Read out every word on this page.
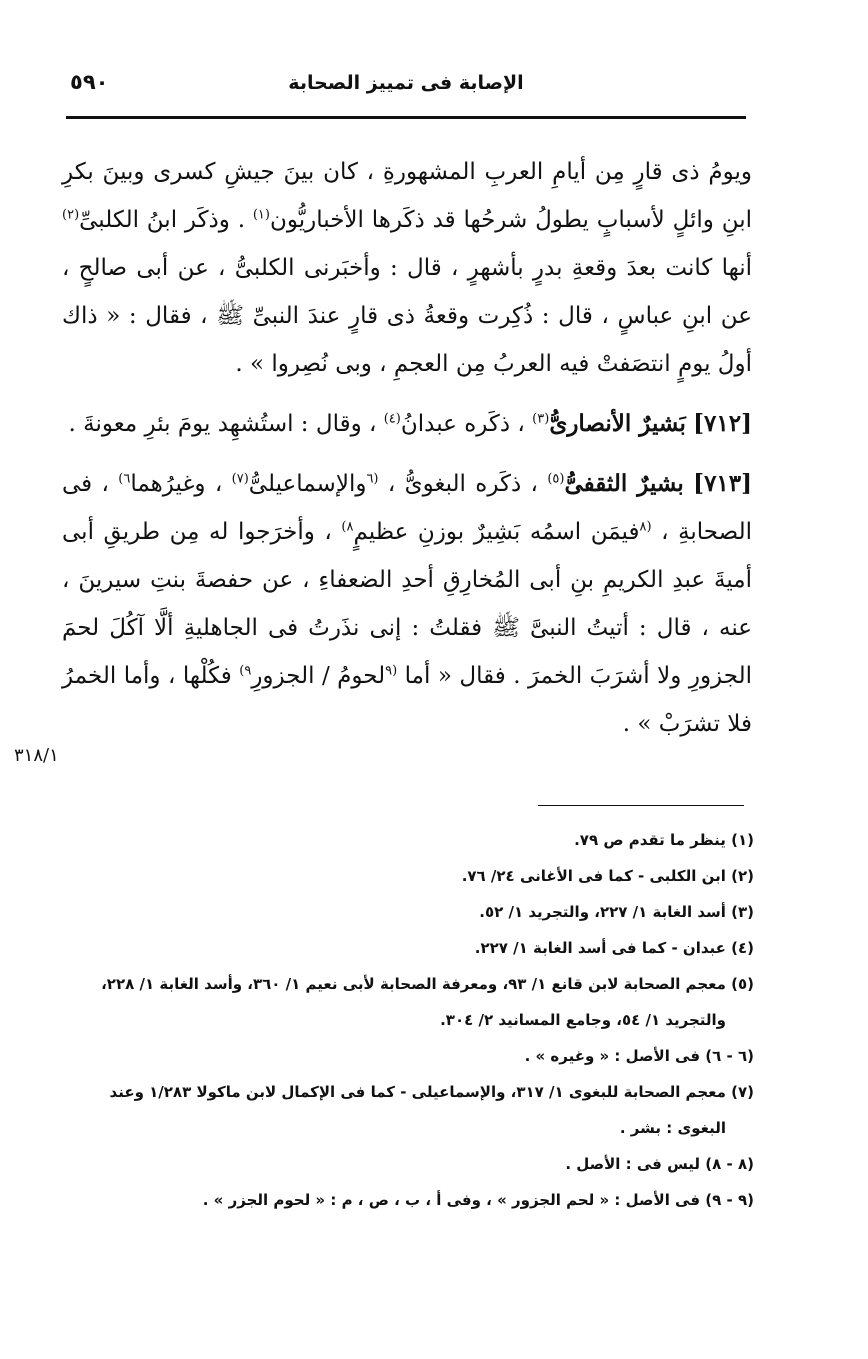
٥٩٠	الإصابة فى تمييز الصحابة

ويومُ ذى قارٍ مِن أيامِ العربِ المشهورةِ ، كان بينَ جيشِ كسرى وبينَ بكرِ ابنِ وائلٍ لأسبابٍ يطولُ شرحُها قد ذكَرها الأخباريُّون$^{(١)}$ . وذكَر ابنُ الكلبىِّ$^{(٢)}$ أنها كانت بعدَ وقعةِ بدرٍ بأشهرٍ ، قال : وأخبَرنى الكلبىُّ ، عن أبى صالحٍ ، عن ابنِ عباسٍ ، قال : ذُكِرت وقعةُ ذى قارٍ عندَ النبىِّ ﷺ ، فقال : « ذاك أولُ يومٍ انتصَفتْ فيه العربُ مِن العجمِ ، وبى نُصِروا » .

[٧١٢] بَشيرٌ الأنصارىُّ$^{(٣)}$ ، ذكَره عبدانُ$^{(٤)}$ ، وقال : استُشهِد يومَ بئرِ معونةَ .

[٧١٣] بشيرٌ الثقفىُّ$^{(٥)}$ ، ذكَره البغوىُّ ، $^{(٦}$والإسماعيلىُّ$^{(٧)}$ ، وغيرُهما$^{٦)}$ ، فى الصحابةِ ، $^{(٨}$فيمَن اسمُه بَشِيرٌ بوزنِ عظيمٍ$^{٨)}$ ، وأخرَجوا له مِن طريقِ أبى أميةَ عبدِ الكريمِ بنِ أبى المُخارِقِ أحدِ الضعفاءِ ، عن حفصةَ بنتِ سيرينَ ، عنه ، قال : أتيتُ النبىَّ ﷺ فقلتُ : إنى نذَرتُ فى الجاهليةِ ألَّا آكُلَ لحمَ الجزورِ ولا أشرَبَ الخمرَ . فقال « أما $^{(٩}$لحومُ / الجزورِ$^{٩)}$ فكُلْها ، وأما الخمرُ فلا تشرَبْ » .

٣١٨/١
(١) ينظر ما تقدم ص ٧٩.
(٢) ابن الكلبى - كما فى الأغانى ٢٤/ ٧٦.
(٣) أسد الغابة ١/ ٢٢٧، والتجريد ١/ ٥٢.
(٤) عبدان - كما فى أسد الغابة ١/ ٢٢٧.
(٥) معجم الصحابة لابن قانع ١/ ٩٣، ومعرفة الصحابة لأبى نعيم ١/ ٣٦٠، وأسد الغابة ١/ ٢٢٨، والتجريد ١/ ٥٤، وجامع المسانيد ٢/ ٣٠٤.
(٦ - ٦) فى الأصل : « وغيره » .
(٧) معجم الصحابة للبغوى ١/ ٣١٧، والإسماعيلى - كما فى الإكمال لابن ماكولا ١/٢٨٣ وعند البغوى : بشر .
(٨ - ٨) ليس فى : الأصل .
(٩ - ٩) فى الأصل : « لحم الجزور » ، وفى أ ، ب ، ص ، م : « لحوم الجزر » .
